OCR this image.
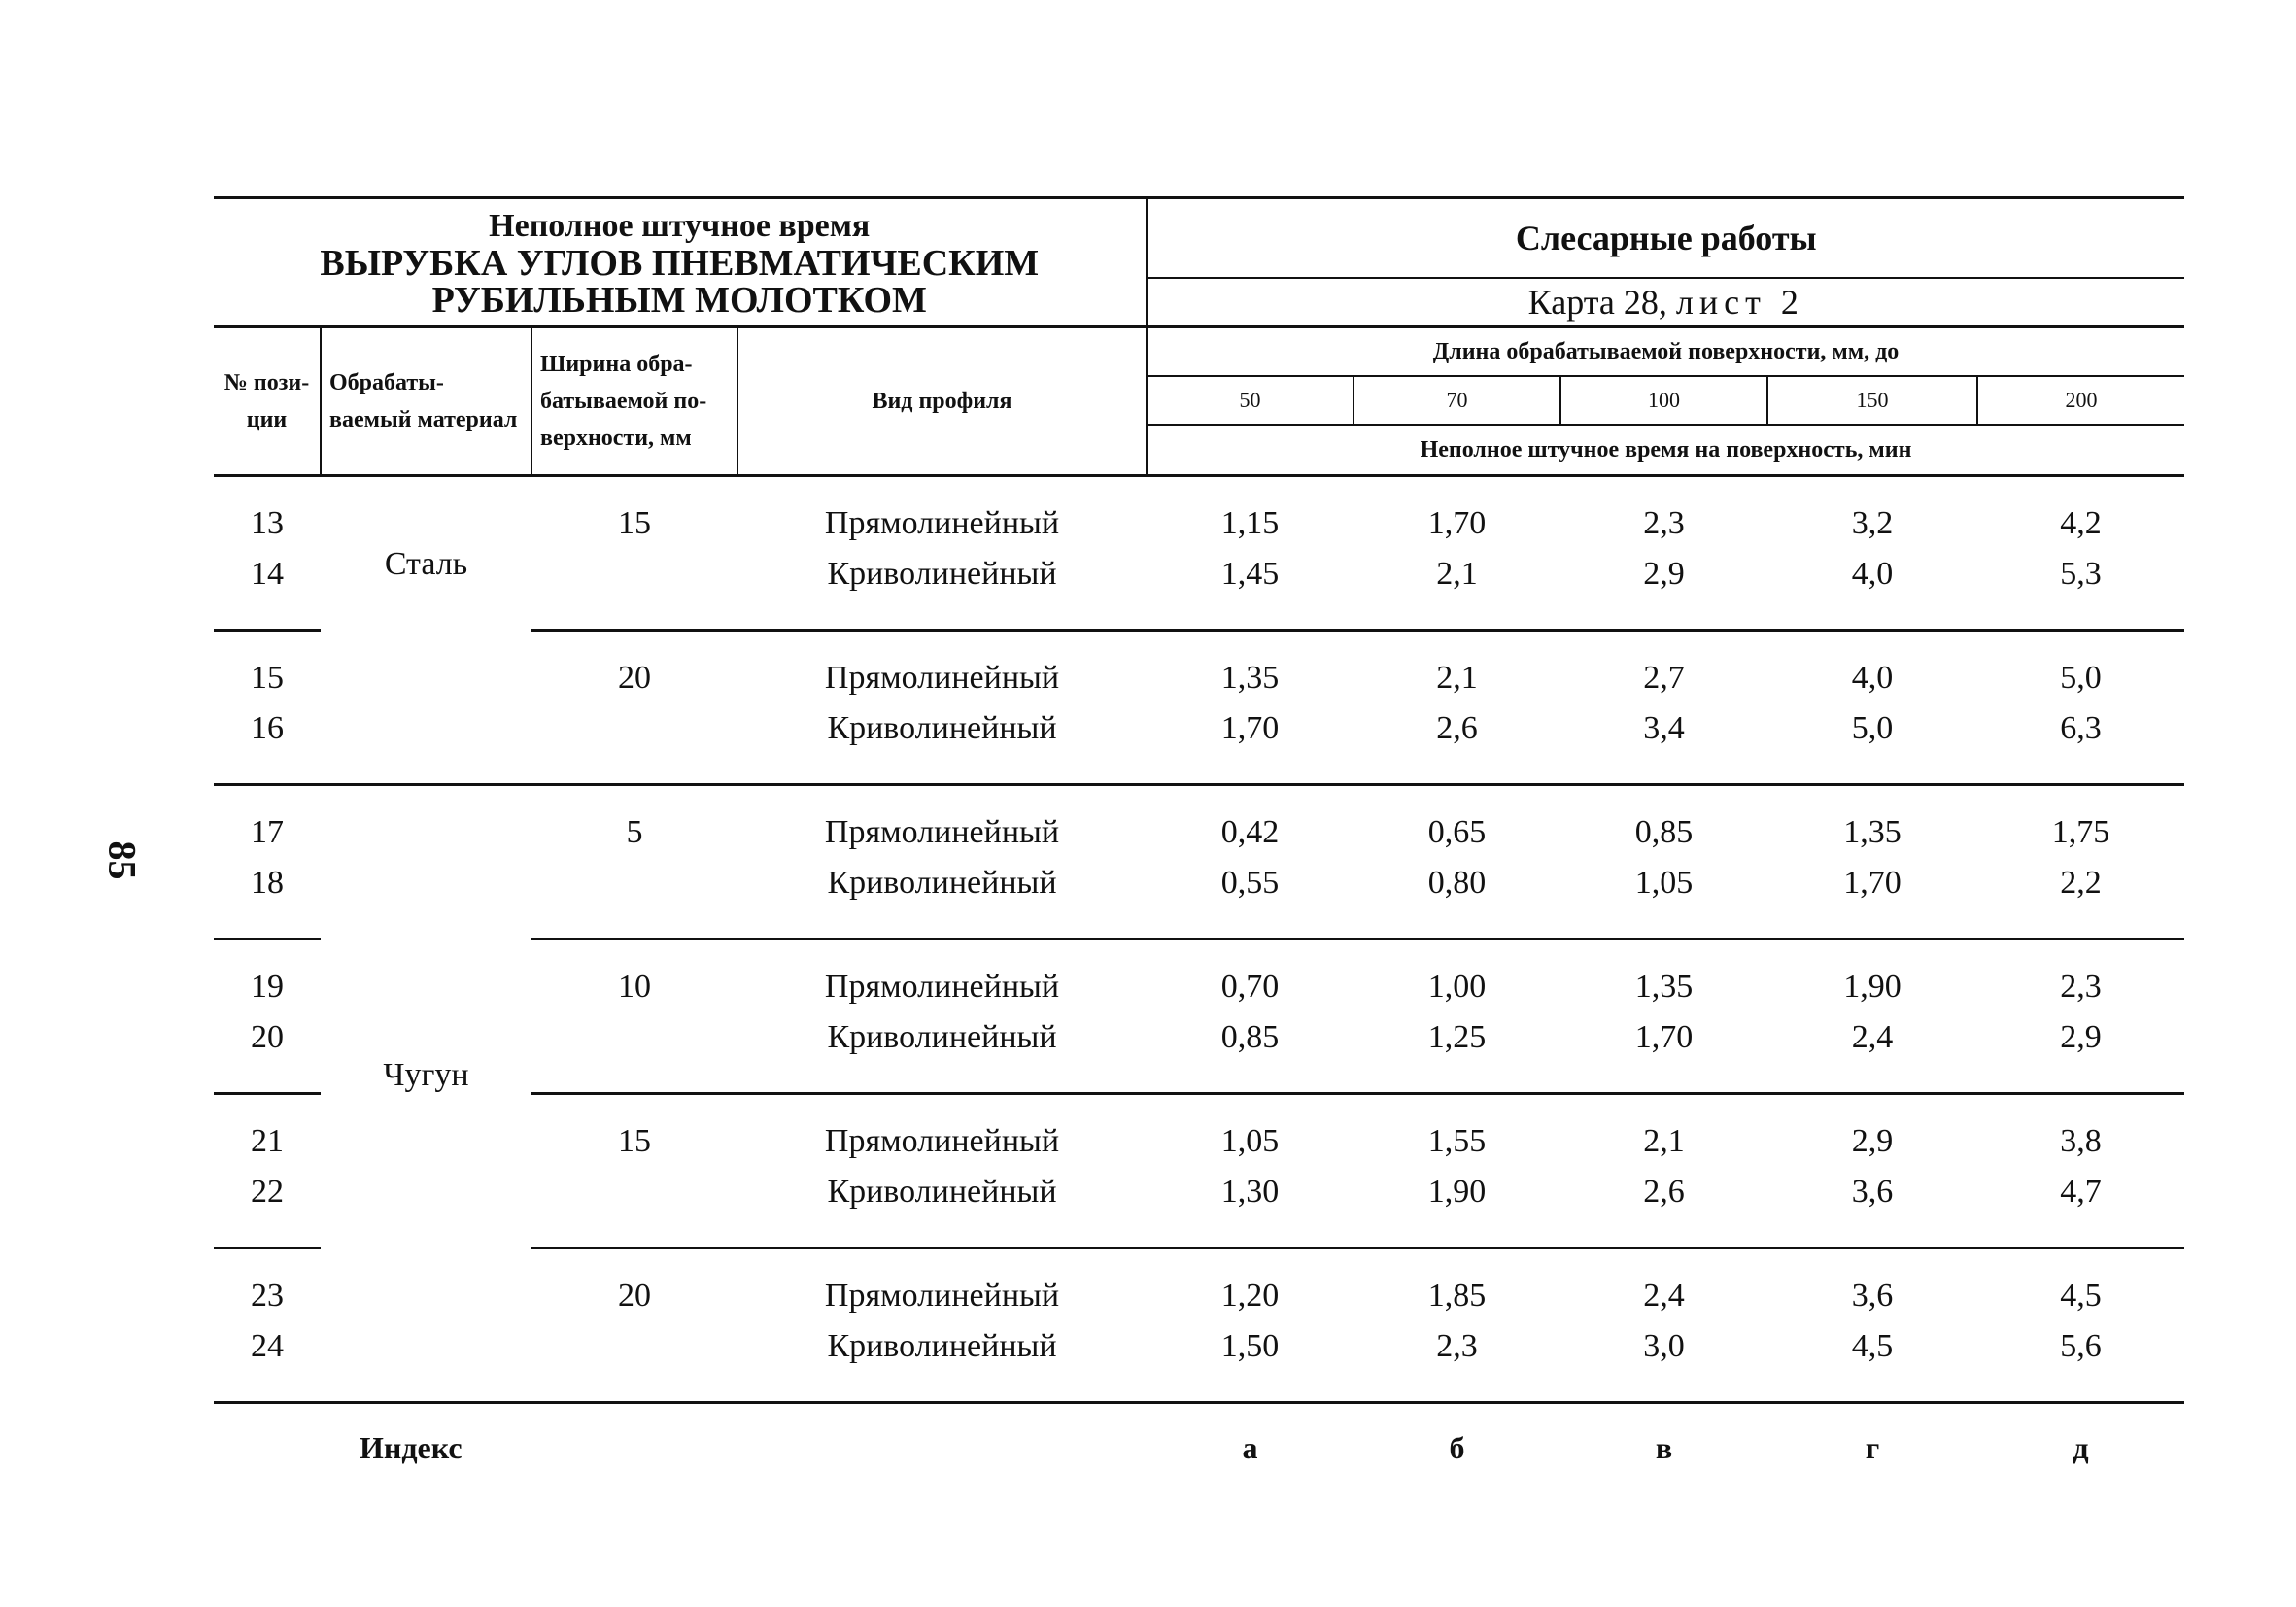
85
Неполное штучное время
ВЫРУБКА УГЛОВ ПНЕВМАТИЧЕСКИМ
РУБИЛЬНЫМ МОЛОТКОМ				Слесарные работы				
				Карта 28, лист 2				
№ пози- ции	Обрабаты- ваемый материал	Ширина обра- батываемой по- верхности, мм	Вид профиля	Длина обрабатываемой поверхности, мм, до				
				50	70	100	150	200
				Неполное штучное время на поверхность, мин				

13	Сталь	15	Прямолинейный	1,15	1,70	2,3	3,2	4,2
14			Криволинейный	1,45	2,1	2,9	4,0	5,3

15		20	Прямолинейный	1,35	2,1	2,7	4,0	5,0
16			Криволинейный	1,70	2,6	3,4	5,0	6,3

17		5	Прямолинейный	0,42	0,65	0,85	1,35	1,75
18			Криволинейный	0,55	0,80	1,05	1,70	2,2

19	Чугун	10	Прямолинейный	0,70	1,00	1,35	1,90	2,3
20			Криволинейный	0,85	1,25	1,70	2,4	2,9

21		15	Прямолинейный	1,05	1,55	2,1	2,9	3,8
22			Криволинейный	1,30	1,90	2,6	3,6	4,7

23		20	Прямолинейный	1,20	1,85	2,4	3,6	4,5
24			Криволинейный	1,50	2,3	3,0	4,5	5,6

Индекс				а	б	в	г	д
